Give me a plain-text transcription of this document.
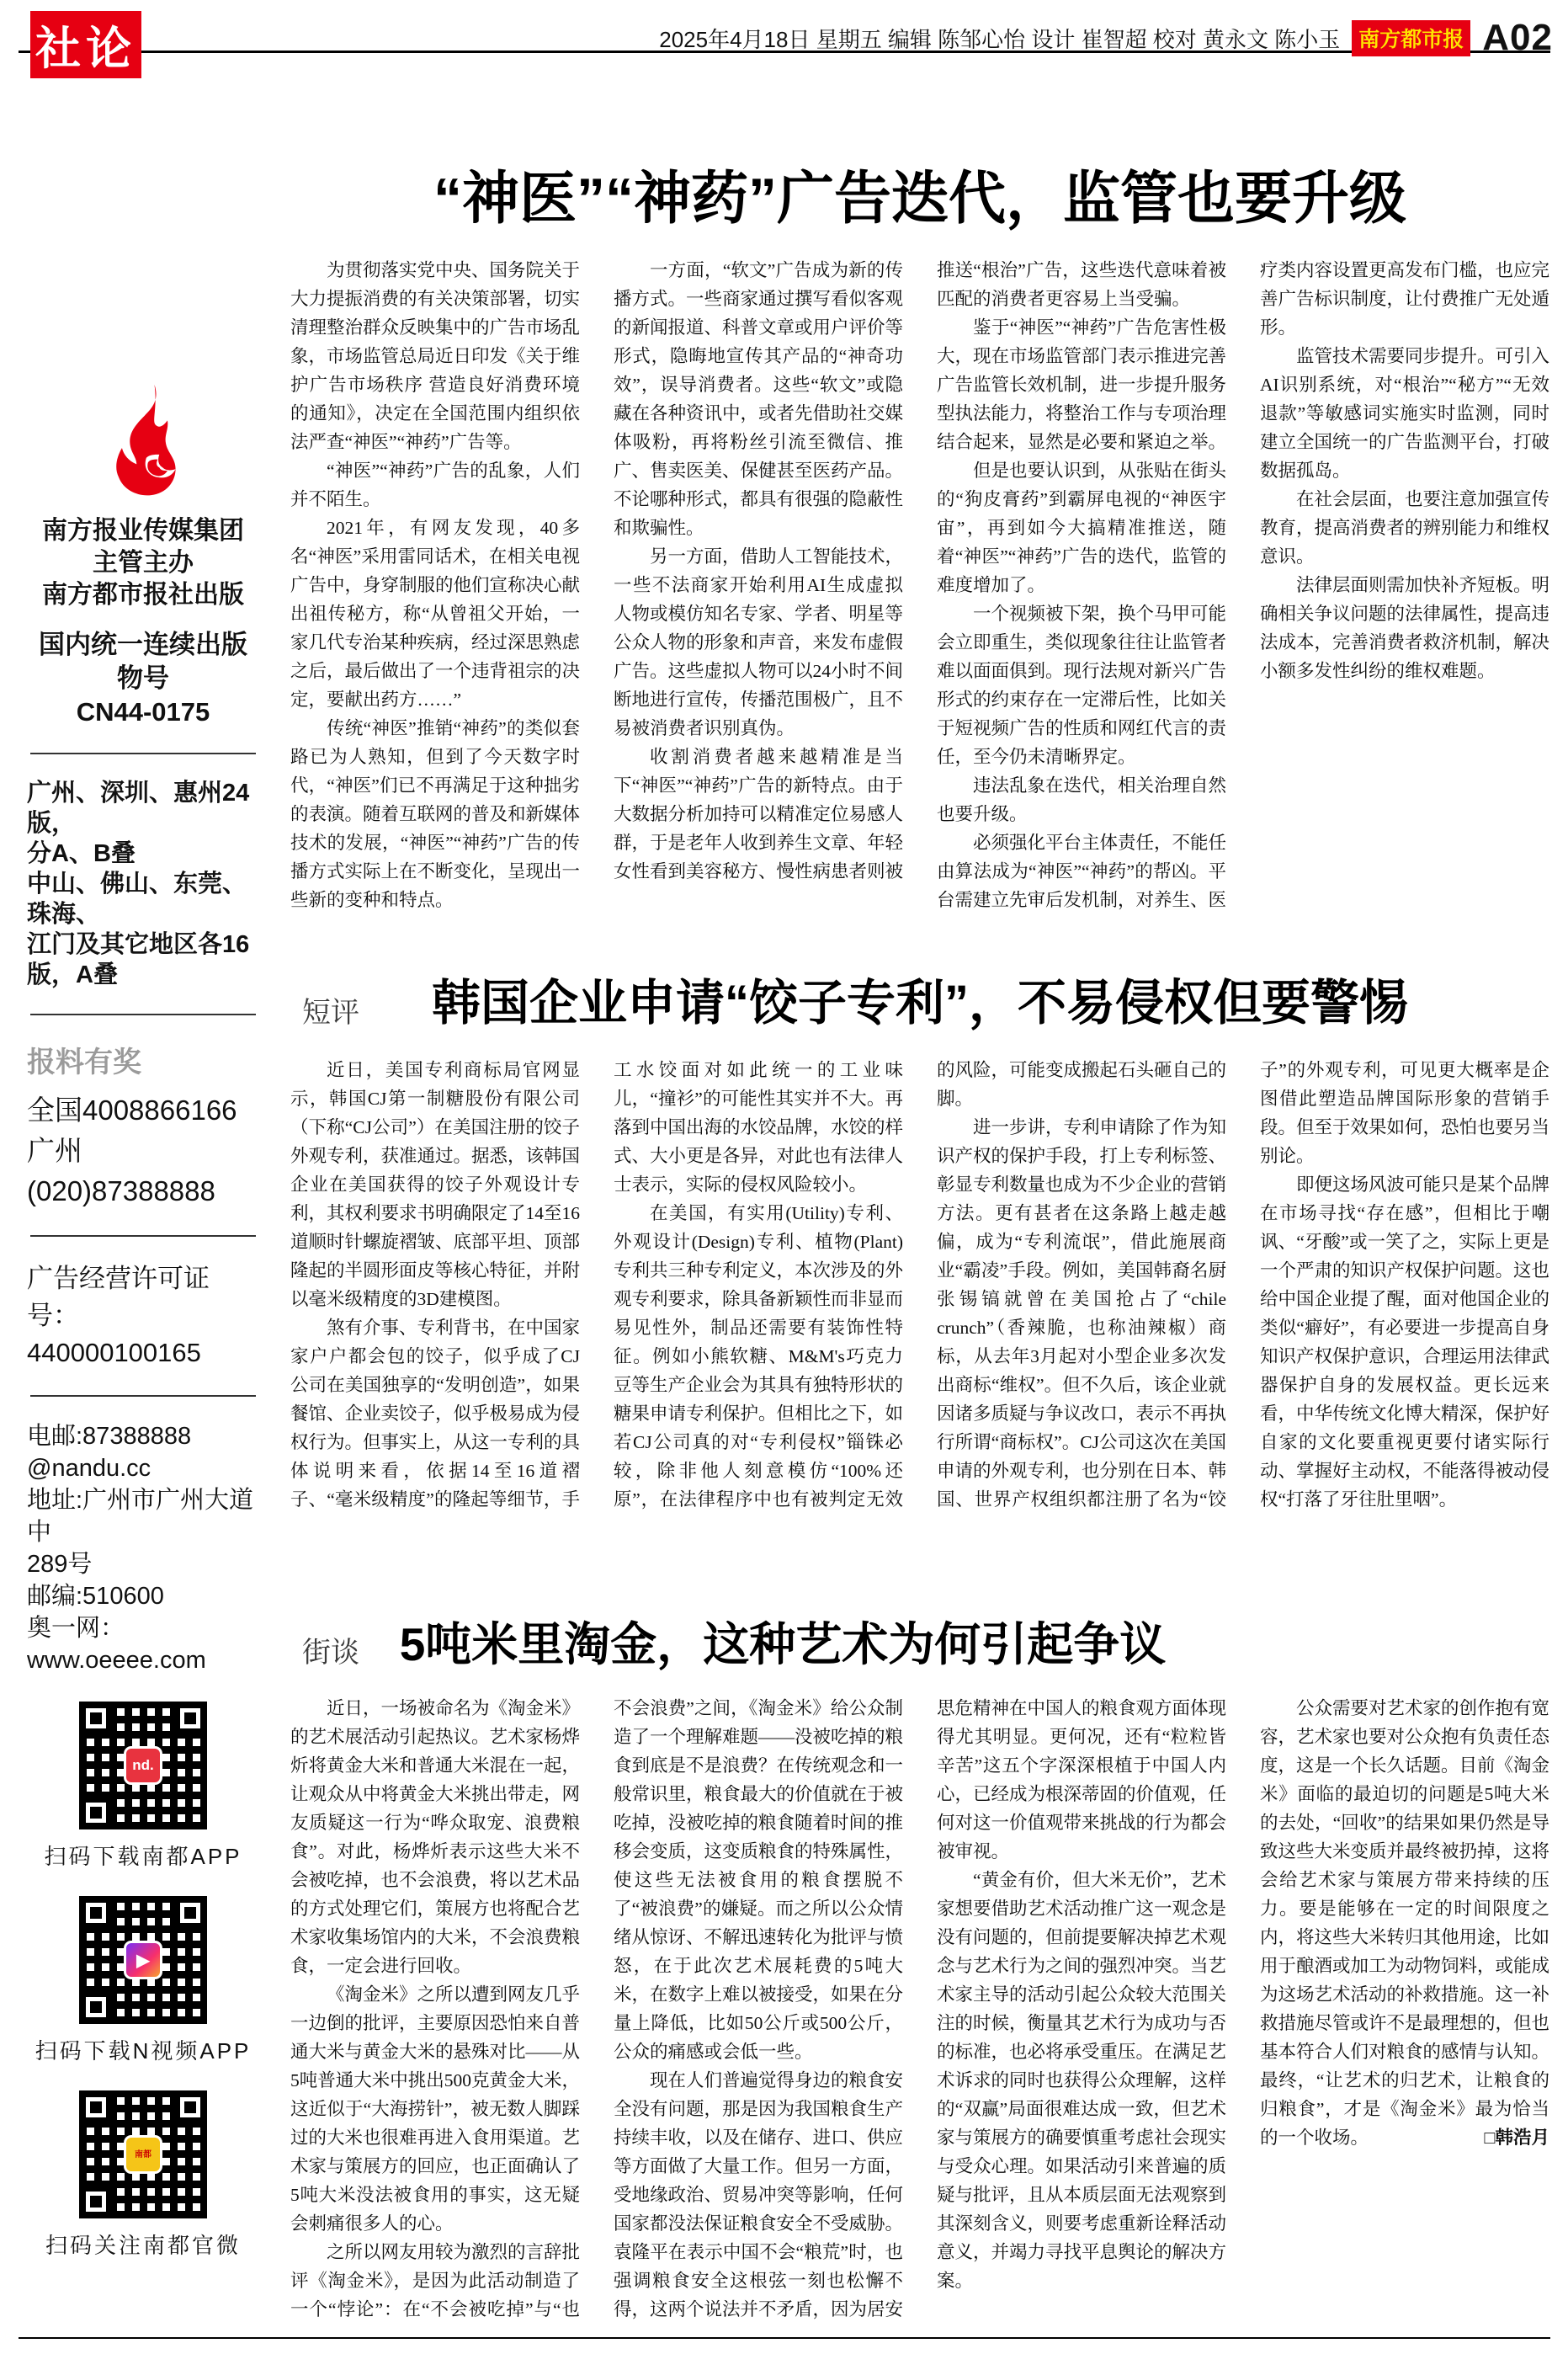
社论	2025年4月18日 星期五 编辑 陈邹心怡 设计 崔智超 校对 黄永文 陈小玉 南方都市报 A02
南方报业传媒集团
主管主办
南方都市报社出版
国内统一连续出版物号
CN44-0175
广州、深圳、惠州24版，
分A、B叠
中山、佛山、东莞、珠海、
江门及其它地区各16
版，A叠
报料有奖
全国4008866166
广州(020)87388888
广告经营许可证号：
440000100165
电邮:87388888
@nandu.cc
地址:广州市广州大道中
289号
邮编:510600
奥一网：
www.oeeee.com
nd.
扫码下载南都APP
▶
扫码下载N视频APP
南都
扫码关注南都官微
“神医”“神药”广告迭代，监管也要升级

为贯彻落实党中央、国务院关于大力提振消费的有关决策部署，切实清理整治群众反映集中的广告市场乱象，市场监管总局近日印发《关于维护广告市场秩序 营造良好消费环境的通知》，决定在全国范围内组织依法严查“神医”“神药”广告等。

“神医”“神药”广告的乱象，人们并不陌生。

2021年，有网友发现，40多名“神医”采用雷同话术，在相关电视广告中，身穿制服的他们宣称决心献出祖传秘方，称“从曾祖父开始，一家几代专治某种疾病，经过深思熟虑之后，最后做出了一个违背祖宗的决定，要献出药方……”

传统“神医”推销“神药”的类似套路已为人熟知，但到了今天数字时代，“神医”们已不再满足于这种拙劣的表演。随着互联网的普及和新媒体技术的发展，“神医”“神药”广告的传播方式实际上在不断变化，呈现出一些新的变种和特点。

一方面，“软文”广告成为新的传播方式。一些商家通过撰写看似客观的新闻报道、科普文章或用户评价等形式，隐晦地宣传其产品的“神奇功效”，误导消费者。这些“软文”或隐藏在各种资讯中，或者先借助社交媒体吸粉，再将粉丝引流至微信、推广、售卖医美、保健甚至医药产品。不论哪种形式，都具有很强的隐蔽性和欺骗性。

另一方面，借助人工智能技术，一些不法商家开始利用AI生成虚拟人物或模仿知名专家、学者、明星等公众人物的形象和声音，来发布虚假广告。这些虚拟人物可以24小时不间断地进行宣传，传播范围极广，且不易被消费者识别真伪。

收割消费者越来越精准是当下“神医”“神药”广告的新特点。由于大数据分析加持可以精准定位易感人群，于是老年人收到养生文章、年轻女性看到美容秘方、慢性病患者则被推送“根治”广告，这些迭代意味着被匹配的消费者更容易上当受骗。

鉴于“神医”“神药”广告危害性极大，现在市场监管部门表示推进完善广告监管长效机制，进一步提升服务型执法能力，将整治工作与专项治理结合起来，显然是必要和紧迫之举。

但是也要认识到，从张贴在街头的“狗皮膏药”到霸屏电视的“神医宇宙”，再到如今大搞精准推送，随着“神医”“神药”广告的迭代，监管的难度增加了。

一个视频被下架，换个马甲可能会立即重生，类似现象往往让监管者难以面面俱到。现行法规对新兴广告形式的约束存在一定滞后性，比如关于短视频广告的性质和网红代言的责任，至今仍未清晰界定。

违法乱象在迭代，相关治理自然也要升级。

必须强化平台主体责任，不能任由算法成为“神医”“神药”的帮凶。平台需建立先审后发机制，对养生、医疗类内容设置更高发布门槛，也应完善广告标识制度，让付费推广无处遁形。

监管技术需要同步提升。可引入AI识别系统，对“根治”“秘方”“无效退款”等敏感词实施实时监测，同时建立全国统一的广告监测平台，打破数据孤岛。

在社会层面，也要注意加强宣传教育，提高消费者的辨别能力和维权意识。

法律层面则需加快补齐短板。明确相关争议问题的法律属性，提高违法成本，完善消费者救济机制，解决小额多发性纠纷的维权难题。

短评	韩国企业申请“饺子专利”，不易侵权但要警惕

近日，美国专利商标局官网显示，韩国CJ第一制糖股份有限公司（下称“CJ公司”）在美国注册的饺子外观专利，获准通过。据悉，该韩国企业在美国获得的饺子外观设计专利，其权利要求书明确限定了14至16道顺时针螺旋褶皱、底部平坦、顶部隆起的半圆形面皮等核心特征，并附以毫米级精度的3D建模图。

煞有介事、专利背书，在中国家家户户都会包的饺子，似乎成了CJ公司在美国独享的“发明创造”，如果餐馆、企业卖饺子，似乎极易成为侵权行为。但事实上，从这一专利的具体说明来看，依据14至16道褶子、“毫米级精度”的隆起等细节，手工水饺面对如此统一的工业味儿，“撞衫”的可能性其实并不大。再落到中国出海的水饺品牌，水饺的样式、大小更是各异，对此也有法律人士表示，实际的侵权风险较小。

在美国，有实用(Utility)专利、外观设计(Design)专利、植物(Plant)专利共三种专利定义，本次涉及的外观专利要求，除具备新颖性而非显而易见性外，制品还需要有装饰性特征。例如小熊软糖、M&M's巧克力豆等生产企业会为其具有独特形状的糖果申请专利保护。但相比之下，如若CJ公司真的对“专利侵权”锱铢必较，除非他人刻意模仿“100%还原”，在法律程序中也有被判定无效的风险，可能变成搬起石头砸自己的脚。

进一步讲，专利申请除了作为知识产权的保护手段，打上专利标签、彰显专利数量也成为不少企业的营销方法。更有甚者在这条路上越走越偏，成为“专利流氓”，借此施展商业“霸凌”手段。例如，美国韩裔名厨张锡镐就曾在美国抢占了“chile crunch”（香辣脆，也称油辣椒）商标，从去年3月起对小型企业多次发出商标“维权”。但不久后，该企业就因诸多质疑与争议改口，表示不再执行所谓“商标权”。CJ公司这次在美国申请的外观专利，也分别在日本、韩国、世界产权组织都注册了名为“饺子”的外观专利，可见更大概率是企图借此塑造品牌国际形象的营销手段。但至于效果如何，恐怕也要另当别论。

即便这场风波可能只是某个品牌在市场寻找“存在感”，但相比于嘲讽、“牙酸”或一笑了之，实际上更是一个严肃的知识产权保护问题。这也给中国企业提了醒，面对他国企业的类似“癖好”，有必要进一步提高自身知识产权保护意识，合理运用法律武器保护自身的发展权益。更长远来看，中华传统文化博大精深，保护好自家的文化要重视更要付诸实际行动、掌握好主动权，不能落得被动侵权“打落了牙往肚里咽”。

街谈 5吨米里淘金，这种艺术为何引起争议

近日，一场被命名为《淘金米》的艺术展活动引起热议。艺术家杨烨炘将黄金大米和普通大米混在一起，让观众从中将黄金大米挑出带走，网友质疑这一行为“哗众取宠、浪费粮食”。对此，杨烨炘表示这些大米不会被吃掉，也不会浪费，将以艺术品的方式处理它们，策展方也将配合艺术家收集场馆内的大米，不会浪费粮食，一定会进行回收。

《淘金米》之所以遭到网友几乎一边倒的批评，主要原因恐怕来自普通大米与黄金大米的悬殊对比——从5吨普通大米中挑出500克黄金大米，这近似于“大海捞针”，被无数人脚踩过的大米也很难再进入食用渠道。艺术家与策展方的回应，也正面确认了5吨大米没法被食用的事实，这无疑会刺痛很多人的心。

之所以网友用较为激烈的言辞批评《淘金米》，是因为此活动制造了一个“悖论”：在“不会被吃掉”与“也不会浪费”之间，《淘金米》给公众制造了一个理解难题——没被吃掉的粮食到底是不是浪费？在传统观念和一般常识里，粮食最大的价值就在于被吃掉，没被吃掉的粮食随着时间的推移会变质，这变质粮食的特殊属性，使这些无法被食用的粮食摆脱不了“被浪费”的嫌疑。而之所以公众情绪从惊讶、不解迅速转化为批评与愤怒，在于此次艺术展耗费的5吨大米，在数字上难以被接受，如果在分量上降低，比如50公斤或500公斤，公众的痛感或会低一些。

现在人们普遍觉得身边的粮食安全没有问题，那是因为我国粮食生产持续丰收，以及在储存、进口、供应等方面做了大量工作。但另一方面，受地缘政治、贸易冲突等影响，任何国家都没法保证粮食安全不受威胁。袁隆平在表示中国不会“粮荒”时，也强调粮食安全这根弦一刻也松懈不得，这两个说法并不矛盾，因为居安思危精神在中国人的粮食观方面体现得尤其明显。更何况，还有“粒粒皆辛苦”这五个字深深根植于中国人内心，已经成为根深蒂固的价值观，任何对这一价值观带来挑战的行为都会被审视。

“黄金有价，但大米无价”，艺术家想要借助艺术活动推广这一观念是没有问题的，但前提要解决掉艺术观念与艺术行为之间的强烈冲突。当艺术家主导的活动引起公众较大范围关注的时候，衡量其艺术行为成功与否的标准，也必将承受重压。在满足艺术诉求的同时也获得公众理解，这样的“双赢”局面很难达成一致，但艺术家与策展方的确要慎重考虑社会现实与受众心理。如果活动引来普遍的质疑与批评，且从本质层面无法观察到其深刻含义，则要考虑重新诠释活动意义，并竭力寻找平息舆论的解决方案。

公众需要对艺术家的创作抱有宽容，艺术家也要对公众抱有负责任态度，这是一个长久话题。目前《淘金米》面临的最迫切的问题是5吨大米的去处，“回收”的结果如果仍然是导致这些大米变质并最终被扔掉，这将会给艺术家与策展方带来持续的压力。要是能够在一定的时间限度之内，将这些大米转归其他用途，比如用于酿酒或加工为动物饲料，或能成为这场艺术活动的补救措施。这一补救措施尽管或许不是最理想的，但也基本符合人们对粮食的感情与认知。最终，“让艺术的归艺术，让粮食的归粮食”，才是《淘金米》最为恰当的一个收场。	　□韩浩月
